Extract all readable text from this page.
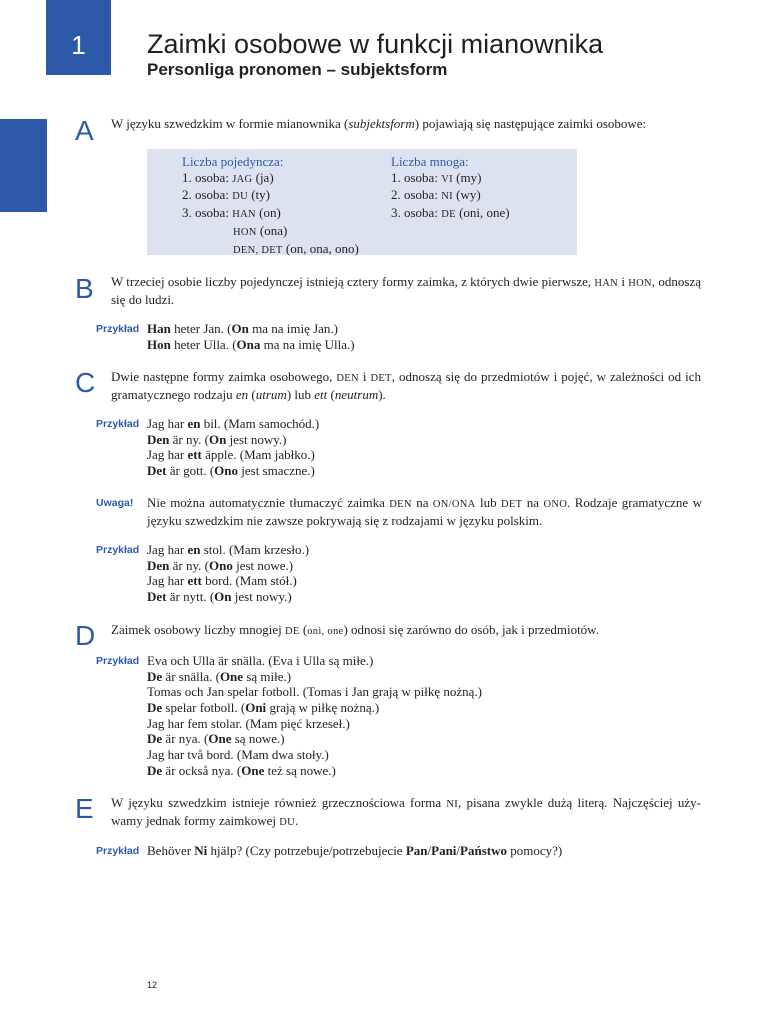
1	Zaimki osobowe w funkcji mianownika
Personliga pronomen – subjektsform
A W języku szwedzkim w formie mianownika (subjektsform) pojawiają się następujące zaimki osobowe:
Liczba pojedyncza:
1. osoba: JAG (ja)
2. osoba: DU (ty)
3. osoba: HAN (on)
HON (ona)
DEN, DET (on, ona, ono)
Liczba mnoga:
1. osoba: VI (my)
2. osoba: NI (wy)
3. osoba: DE (oni, one)
B W trzeciej osobie liczby pojedynczej istnieją cztery formy zaimka, z których dwie pierwsze, HAN i HON, odnoszą się do ludzi.
Przykład Han heter Jan. (On ma na imię Jan.)
Hon heter Ulla. (Ona ma na imię Ulla.)
C Dwie następne formy zaimka osobowego, DEN i DET, odnoszą się do przedmiotów i pojęć, w zależności od ich gramatycznego rodzaju en (utrum) lub ett (neutrum).
Przykład Jag har en bil. (Mam samochód.)
Den är ny. (On jest nowy.)
Jag har ett äpple. (Mam jabłko.)
Det är gott. (Ono jest smaczne.)
Uwaga! Nie można automatycznie tłumaczyć zaimka DEN na ON/ONA lub DET na ONO. Rodzaje gramatyczne w języku szwedzkim nie zawsze pokrywają się z rodzajami w języku polskim.
Przykład Jag har en stol. (Mam krzesło.)
Den är ny. (Ono jest nowe.)
Jag har ett bord. (Mam stół.)
Det är nytt. (On jest nowy.)
D Zaimek osobowy liczby mnogiej DE (oni, one) odnosi się zarówno do osób, jak i przedmiotów.
Przykład Eva och Ulla är snälla. (Eva i Ulla są miłe.)
De är snälla. (One są miłe.)
Tomas och Jan spelar fotboll. (Tomas i Jan grają w piłkę nożną.)
De spelar fotboll. (Oni grają w piłkę nożną.)
Jag har fem stolar. (Mam pięć krzeseł.)
De är nya. (One są nowe.)
Jag har två bord. (Mam dwa stoły.)
De är också nya. (One też są nowe.)
E W języku szwedzkim istnieje również grzecznościowa forma NI, pisana zwykle dużą literą. Najczęściej używamy jednak formy zaimkowej DU.
Przykład Behöver Ni hjälp? (Czy potrzebuje/potrzebujecie Pan/Pani/Państwo pomocy?)
12
